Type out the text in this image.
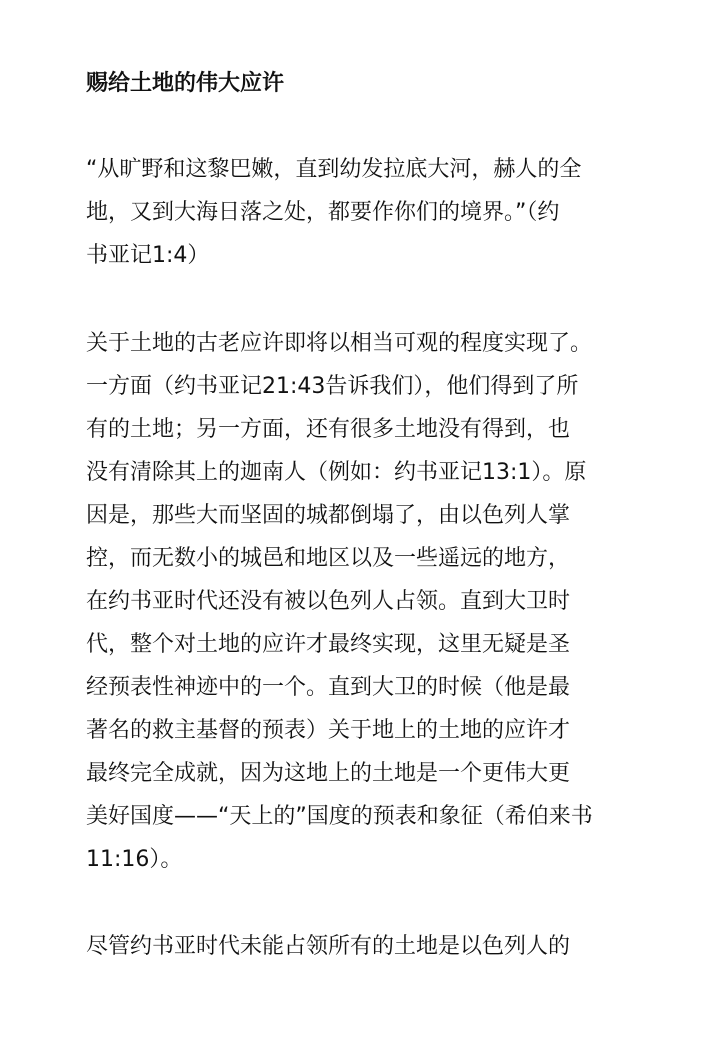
赐给土地的伟大应许
“从旷野和这黎巴嫩，直到幼发拉底大河，赫人的全
地，又到大海日落之处，都要作你们的境界。”（约
书亚记1:4）
关于土地的古老应许即将以相当可观的程度实现了。
一方面（约书亚记21:43告诉我们），他们得到了所
有的土地；另一方面，还有很多土地没有得到，也
没有清除其上的迦南人（例如：约书亚记13:1）。原
因是，那些大而坚固的城都倒塌了，由以色列人掌
控，而无数小的城邑和地区以及一些遥远的地方，
在约书亚时代还没有被以色列人占领。直到大卫时
代，整个对土地的应许才最终实现，这里无疑是圣
经预表性神迹中的一个。直到大卫的时候（他是最
著名的救主基督的预表）关于地上的土地的应许才
最终完全成就，因为这地上的土地是一个更伟大更
美好国度——“天上的”国度的预表和象征（希伯来书
11:16）。
尽管约书亚时代未能占领所有的土地是以色列人的
